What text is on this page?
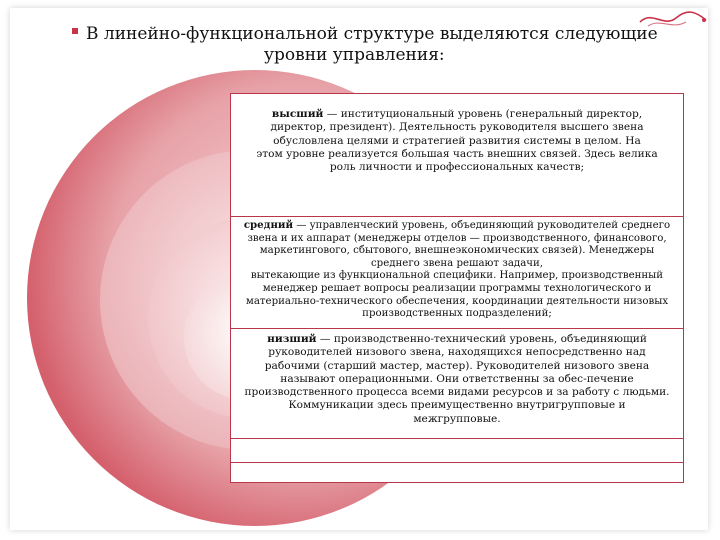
В линейно-функциональной структуре выделяются следующие
уровни управления:
высший — институциональный уровень (генеральный директор,
директор, президент). Деятельность руководителя высшего звена
обусловлена целями и стратегией развития системы в целом. На
этом уровне реализуется большая часть внешних связей. Здесь велика
роль личности и профессиональных качеств;
средний — управленческий уровень, объединяющий руководителей среднего
звена и их аппарат (менеджеры отделов — производственного, финансового,
маркетингового, сбытового, внешнеэкономических связей). Менеджеры
среднего звена решают задачи,
вытекающие из функциональной специфики. Например, производственный
менеджер решает вопросы реализации программы технологического и
материально-технического обеспечения, координации деятельности низовых
производственных подразделений;
низший — производственно-технический уровень, объединяющий
руководителей низового звена, находящихся непосредственно над
рабочими (старший мастер, мастер). Руководителей низового звена
называют операционными. Они ответственны за обес-печение
производственного процесса всеми видами ресурсов и за работу с людьми.
Коммуникации здесь преимущественно внутригрупповые и
межгрупповые.
